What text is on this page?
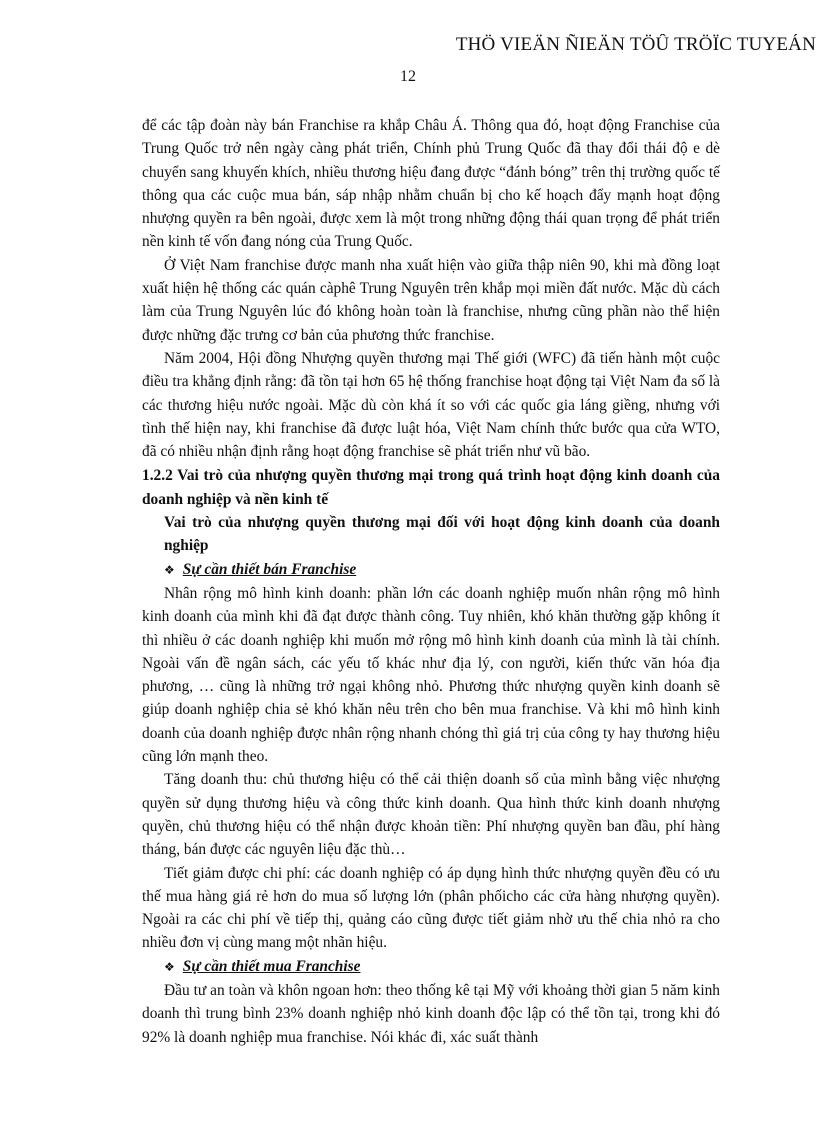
THÖ VIEÄN ÑIEÄN TÖÛ TRÖÏC TUYEÁN
12

để các tập đoàn này bán Franchise ra khắp Châu Á. Thông qua đó, hoạt động Franchise của Trung Quốc trở nên ngày càng phát triển, Chính phủ Trung Quốc đã thay đổi thái độ e dè chuyển sang khuyến khích, nhiều thương hiệu đang được “đánh bóng” trên thị trường quốc tế thông qua các cuộc mua bán, sáp nhập nhằm chuẩn bị cho kế hoạch đẩy mạnh hoạt động nhượng quyền ra bên ngoài, được xem là một trong những động thái quan trọng để phát triển nền kinh tế vốn đang nóng của Trung Quốc.

Ở Việt Nam franchise được manh nha xuất hiện vào giữa thập niên 90, khi mà đồng loạt xuất hiện hệ thống các quán càphê Trung Nguyên trên khắp mọi miền đất nước. Mặc dù cách làm của Trung Nguyên lúc đó không hoàn toàn là franchise, nhưng cũng phần nào thể hiện được những đặc trưng cơ bản của phương thức franchise.

Năm 2004, Hội đồng Nhượng quyền thương mại Thế giới (WFC) đã tiến hành một cuộc điều tra khẳng định rằng: đã tồn tại hơn 65 hệ thống franchise hoạt động tại Việt Nam đa số là các thương hiệu nước ngoài. Mặc dù còn khá ít so với các quốc gia láng giềng, nhưng với tình thế hiện nay, khi franchise đã được luật hóa, Việt Nam chính thức bước qua cửa WTO, đã có nhiều nhận định rằng hoạt động franchise sẽ phát triển như vũ bão.

1.2.2 Vai trò của nhượng quyền thương mại trong quá trình hoạt động kinh doanh của doanh nghiệp và nền kinh tế

Vai trò của nhượng quyền thương mại đối với hoạt động kinh doanh của doanh nghiệp

❖ Sự cần thiết bán Franchise

Nhân rộng mô hình kinh doanh: phần lớn các doanh nghiệp muốn nhân rộng mô hình kinh doanh của mình khi đã đạt được thành công. Tuy nhiên, khó khăn thường gặp không ít thì nhiều ở các doanh nghiệp khi muốn mở rộng mô hình kinh doanh của mình là tài chính. Ngoài vấn đề ngân sách, các yếu tố khác như địa lý, con người, kiến thức văn hóa địa phương, … cũng là những trở ngại không nhỏ. Phương thức nhượng quyền kinh doanh sẽ giúp doanh nghiệp chia sẻ khó khăn nêu trên cho bên mua franchise. Và khi mô hình kinh doanh của doanh nghiệp được nhân rộng nhanh chóng thì giá trị của công ty hay thương hiệu cũng lớn mạnh theo.

Tăng doanh thu: chủ thương hiệu có thể cải thiện doanh số của mình bằng việc nhượng quyền sử dụng thương hiệu và công thức kinh doanh. Qua hình thức kinh doanh nhượng quyền, chủ thương hiệu có thể nhận được khoản tiền: Phí nhượng quyền ban đầu, phí hàng tháng, bán được các nguyên liệu đặc thù…

Tiết giảm được chi phí: các doanh nghiệp có áp dụng hình thức nhượng quyền đều có ưu thế mua hàng giá rẻ hơn do mua số lượng lớn (phân phốicho các cửa hàng nhượng quyền). Ngoài ra các chi phí về tiếp thị, quảng cáo cũng được tiết giảm nhờ ưu thế chia nhỏ ra cho nhiều đơn vị cùng mang một nhãn hiệu.

❖ Sự cần thiết mua Franchise

Đầu tư an toàn và khôn ngoan hơn: theo thống kê tại Mỹ với khoảng thời gian 5 năm kinh doanh thì trung bình 23% doanh nghiệp nhỏ kinh doanh độc lập có thể tồn tại, trong khi đó 92% là doanh nghiệp mua franchise. Nói khác đi, xác suất thành
